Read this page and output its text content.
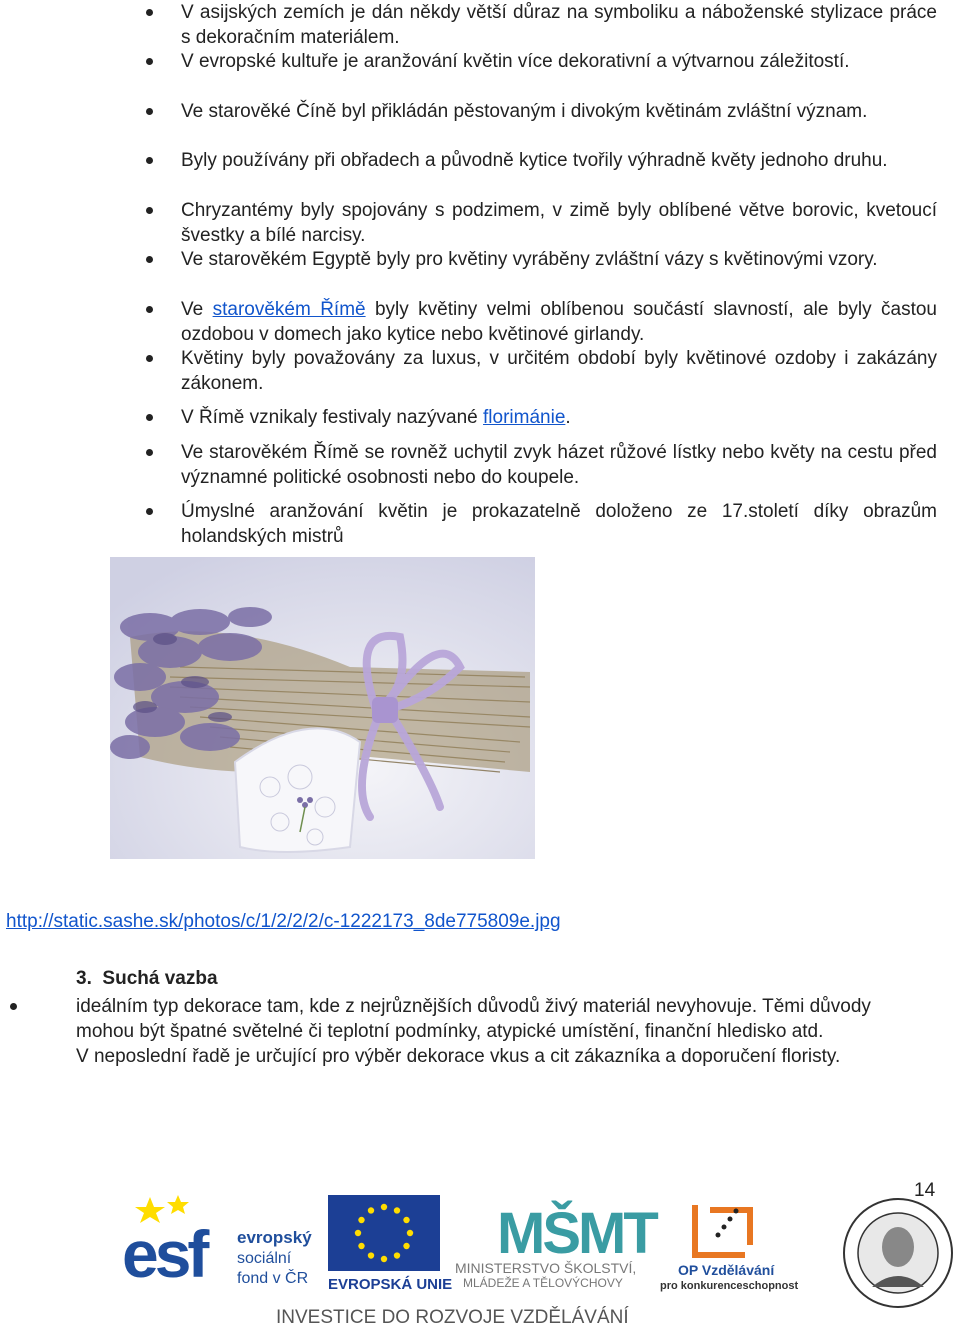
V asijských zemích je dán někdy větší důraz na symboliku a náboženské stylizace práce s dekoračním materiálem.
V evropské kultuře je aranžování květin více dekorativní a výtvarnou záležitostí.
Ve starověké Číně byl přikládán pěstovaným i divokým květinám zvláštní význam.
Byly používány při obřadech a původně kytice tvořily výhradně květy jednoho druhu.
Chryzantémy byly spojovány s podzimem, v zimě byly oblíbené větve borovic, kvetoucí švestky a bílé narcisy.
Ve starověkém Egyptě byly pro květiny vyráběny zvláštní vázy s květinovými vzory.
Ve starověkém Římě byly květiny velmi oblíbenou součástí slavností, ale byly častou ozdobou v domech jako kytice nebo květinové girlandy.
Květiny byly považovány za luxus, v určitém období byly květinové ozdoby i zakázány zákonem.
V Římě vznikaly festivaly nazývané florimánie.
Ve starověkém Římě se rovněž uchytil zvyk házet růžové lístky nebo květy na cestu před významné politické osobnosti nebo do koupele.
Úmyslné aranžování květin je prokazatelně doloženo ze 17.století díky obrazům holandských mistrů
http://static.sashe.sk/photos/c/1/2/2/2/c-1222173_8de775809e.jpg
3. Suchá vazba

ideálním typ dekorace tam, kde z nejrůznějších důvodů živý materiál nevyhovuje. Těmi důvody mohou být špatné světelné či teplotní podmínky, atypické umístění, finanční hledisko atd.

V neposlední řadě je určující pro výběr dekorace vkus a cit zákazníka a doporučení floristy.

14
esf evropský
sociální
fond v ČR EVROPSKÁ UNIE
MŠMT
MINISTERSTVO ŠKOLSTVÍ,
MLÁDEŽE A TĚLOVÝCHOVY
OP Vzdělávání
pro konkurenceschopnost
INVESTICE DO ROZVOJE VZDĚLÁVÁNÍ
